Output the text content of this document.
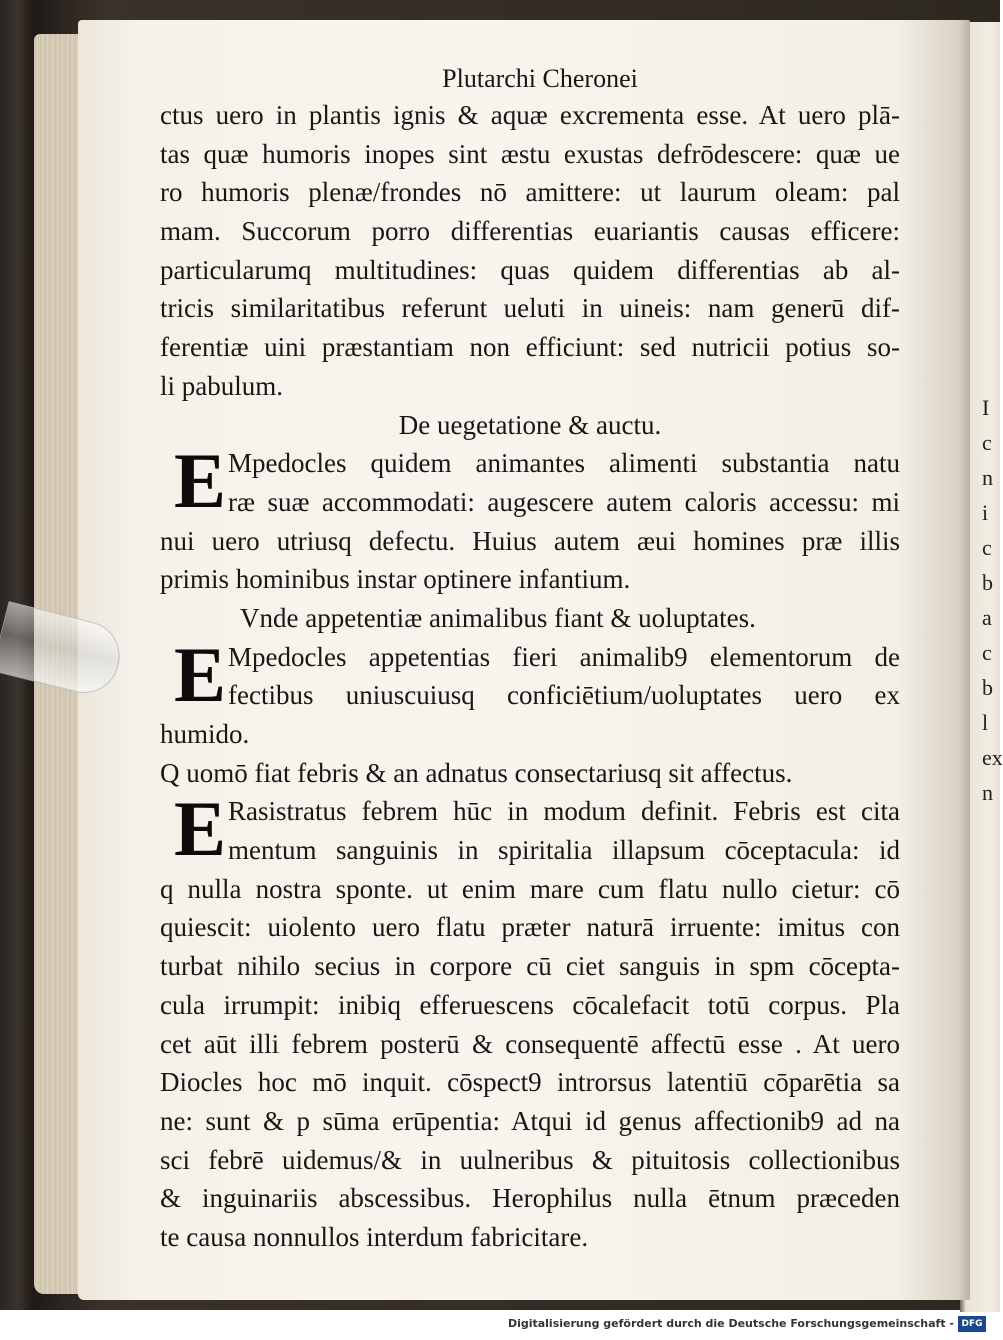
I
c
n
i
c
b
a
c
b
l
ex
n
Plutarchi Cheronei
ctus uero in plantis ignis & aquæ excrementa esse. At uero plā-
tas quæ humoris inopes sint æstu exustas defrōdescere: quæ ue
ro humoris plenæ/frondes nō amittere: ut laurum oleam: pal
mam. Succorum porro differentias euariantis causas efficere:
particularumq multitudines: quas quidem differentias ab al-
tricis similaritatibus referunt ueluti in uineis: nam generū dif-
ferentiæ uini præstantiam non efficiunt: sed nutricii potius so-
li pabulum.
De uegetatione & auctu.
E Mpedocles quidem animantes alimenti substantia natu
ræ suæ accommodati: augescere autem caloris accessu: mi
nui uero utriusq defectu. Huius autem æui homines præ illis
primis hominibus instar optinere infantium.
Vnde appetentiæ animalibus fiant & uoluptates.
E Mpedocles appetentias fieri animalib9 elementorum de
fectibus uniuscuiusq conficiētium/uoluptates uero ex
humido.
Q uomō fiat febris & an adnatus consectariusq sit affectus.
E Rasistratus febrem hūc in modum definit. Febris est cita
mentum sanguinis in spiritalia illapsum cōceptacula: id
q nulla nostra sponte. ut enim mare cum flatu nullo cietur: cō
quiescit: uiolento uero flatu præter naturā irruente: imitus con
turbat nihilo secius in corpore cū ciet sanguis in spm cōcepta-
cula irrumpit: inibiq efferuescens cōcalefacit totū corpus. Pla
cet aūt illi febrem posterū & consequentē affectū esse . At uero
Diocles hoc mō inquit. cōspect9 introrsus latentiū cōparētia sa
ne: sunt & p sūma erūpentia: Atqui id genus affectionib9 ad na
sci febrē uidemus/& in uulneribus & pituitosis collectionibus
& inguinariis abscessibus. Herophilus nulla ētnum præceden
te causa nonnullos interdum fabricitare.
Digitalisierung gefördert durch die Deutsche Forschungsgemeinschaft - DFG
